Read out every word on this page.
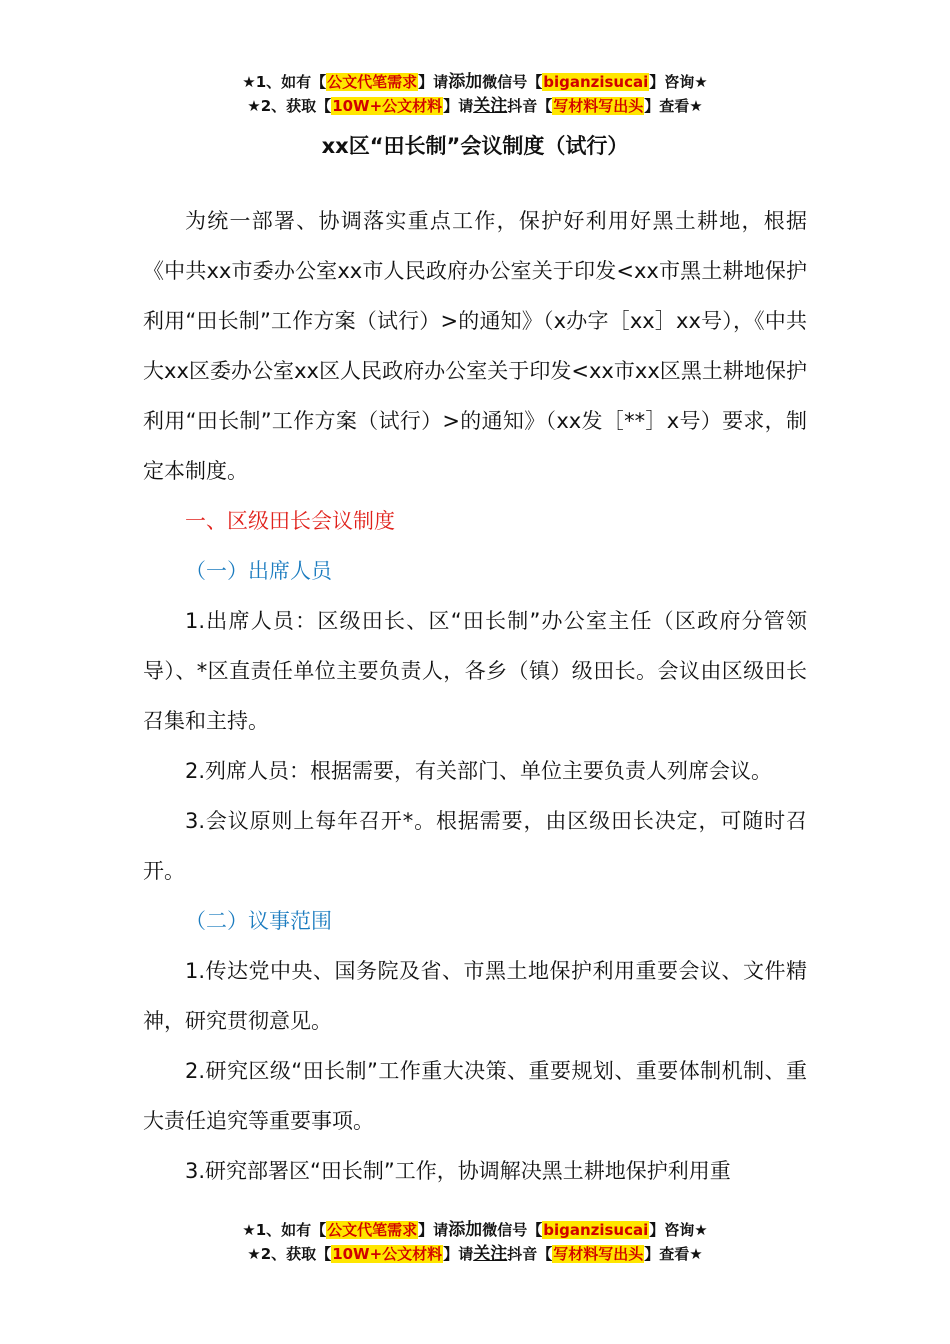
★1、如有【公文代笔需求】请添加微信号【biganzisucai】咨询★
★2、获取【10W+公文材料】请关注抖音【写材料写出头】查看★
xx区“田长制”会议制度（试行）

为统一部署、协调落实重点工作，保护好利用好黑土耕地，根据《中共xx市委办公室xx市人民政府办公室关于印发<xx市黑土耕地保护利用“田长制”工作方案（试行）>的通知》（x办字［xx］xx号），《中共大xx区委办公室xx区人民政府办公室关于印发<xx市xx区黑土耕地保护利用“田长制”工作方案（试行）>的通知》（xx发［**］x号）要求，制定本制度。

一、区级田长会议制度

（一）出席人员

1.出席人员：区级田长、区“田长制”办公室主任（区政府分管领导）、*区直责任单位主要负责人，各乡（镇）级田长。会议由区级田长召集和主持。

2.列席人员：根据需要，有关部门、单位主要负责人列席会议。

3.会议原则上每年召开*。根据需要，由区级田长决定，可随时召开。

（二）议事范围

1.传达党中央、国务院及省、市黑土地保护利用重要会议、文件精神，研究贯彻意见。

2.研究区级“田长制”工作重大决策、重要规划、重要体制机制、重大责任追究等重要事项。

3.研究部署区“田长制”工作，协调解决黑土耕地保护利用重

★1、如有【公文代笔需求】请添加微信号【biganzisucai】咨询★
★2、获取【10W+公文材料】请关注抖音【写材料写出头】查看★
